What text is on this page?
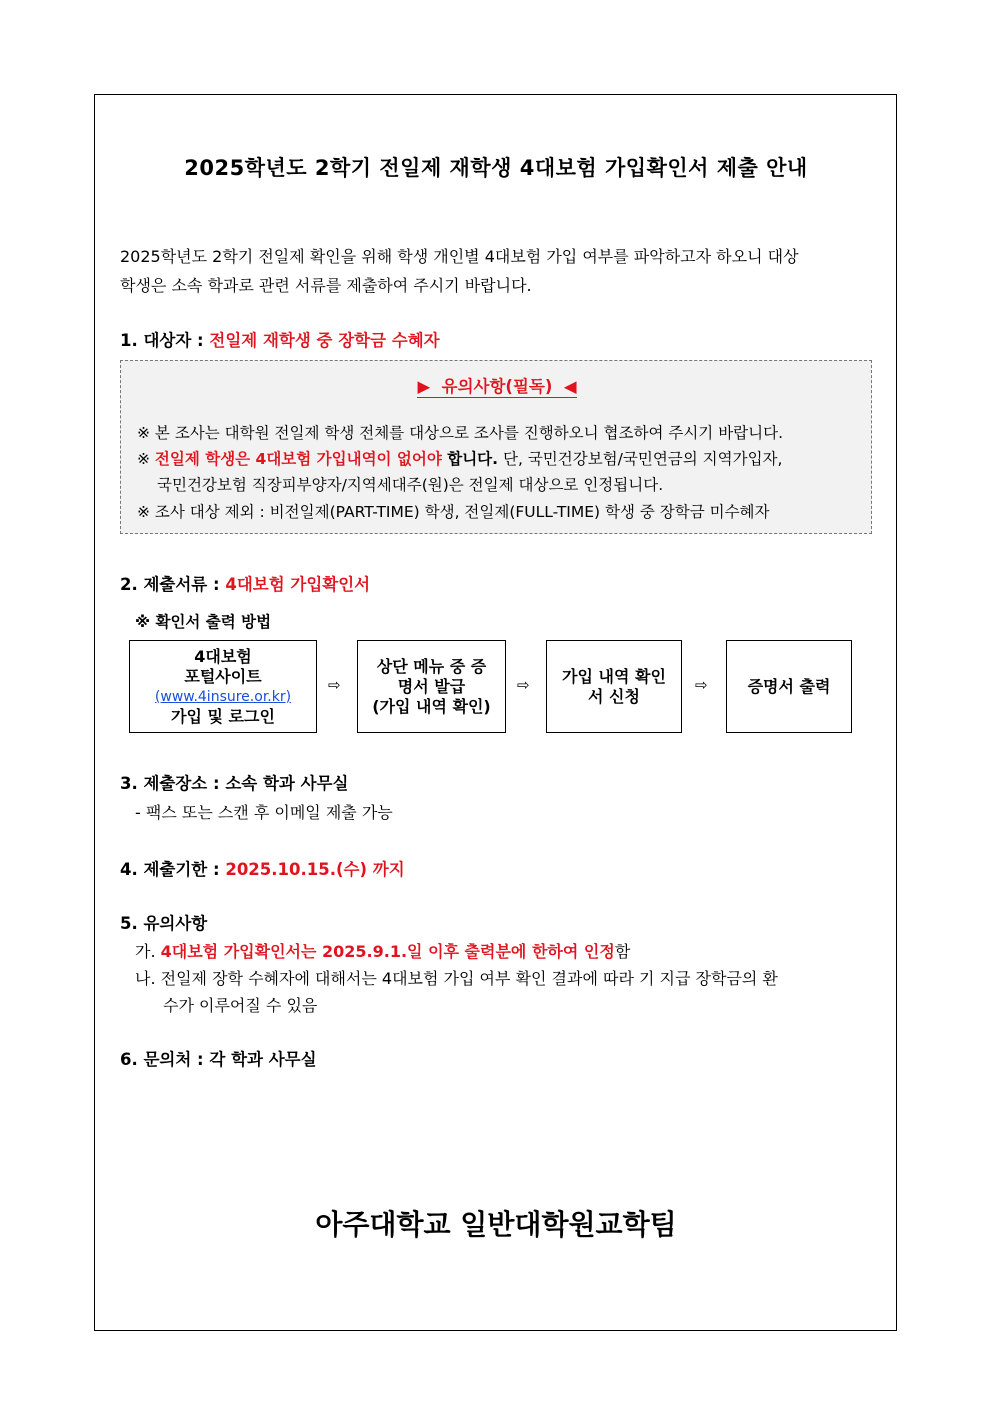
2025학년도 2학기 전일제 재학생 4대보험 가입확인서 제출 안내
2025학년도 2학기 전일제 확인을 위해 학생 개인별 4대보험 가입 여부를 파악하고자 하오니 대상
학생은 소속 학과로 관련 서류를 제출하여 주시기 바랍니다.
1. 대상자 : 전일제 재학생 중 장학금 수혜자
▶ 유의사항(필독) ◀
※ 본 조사는 대학원 전일제 학생 전체를 대상으로 조사를 진행하오니 협조하여 주시기 바랍니다.
※ 전일제 학생은 4대보험 가입내역이 없어야 합니다. 단, 국민건강보험/국민연금의 지역가입자,
국민건강보험 직장피부양자/지역세대주(원)은 전일제 대상으로 인정됩니다.
※ 조사 대상 제외 : 비전일제(PART-TIME) 학생, 전일제(FULL-TIME) 학생 중 장학금 미수혜자
2. 제출서류 : 4대보험 가입확인서
※ 확인서 출력 방법
4대보험
포털사이트
(www.4insure.or.kr)
가입 및 로그인
⇨
상단 메뉴 중 증
명서 발급
(가입 내역 확인)
⇨ 가입 내역 확인
서 신청
⇨ 증명서 출력
3. 제출장소 : 소속 학과 사무실
- 팩스 또는 스캔 후 이메일 제출 가능
4. 제출기한 : 2025.10.15.(수) 까지
5. 유의사항
가. 4대보험 가입확인서는 2025.9.1.일 이후 출력분에 한하여 인정함
나. 전일제 장학 수혜자에 대해서는 4대보험 가입 여부 확인 결과에 따라 기 지급 장학금의 환
수가 이루어질 수 있음
6. 문의처 : 각 학과 사무실
아주대학교 일반대학원교학팀
